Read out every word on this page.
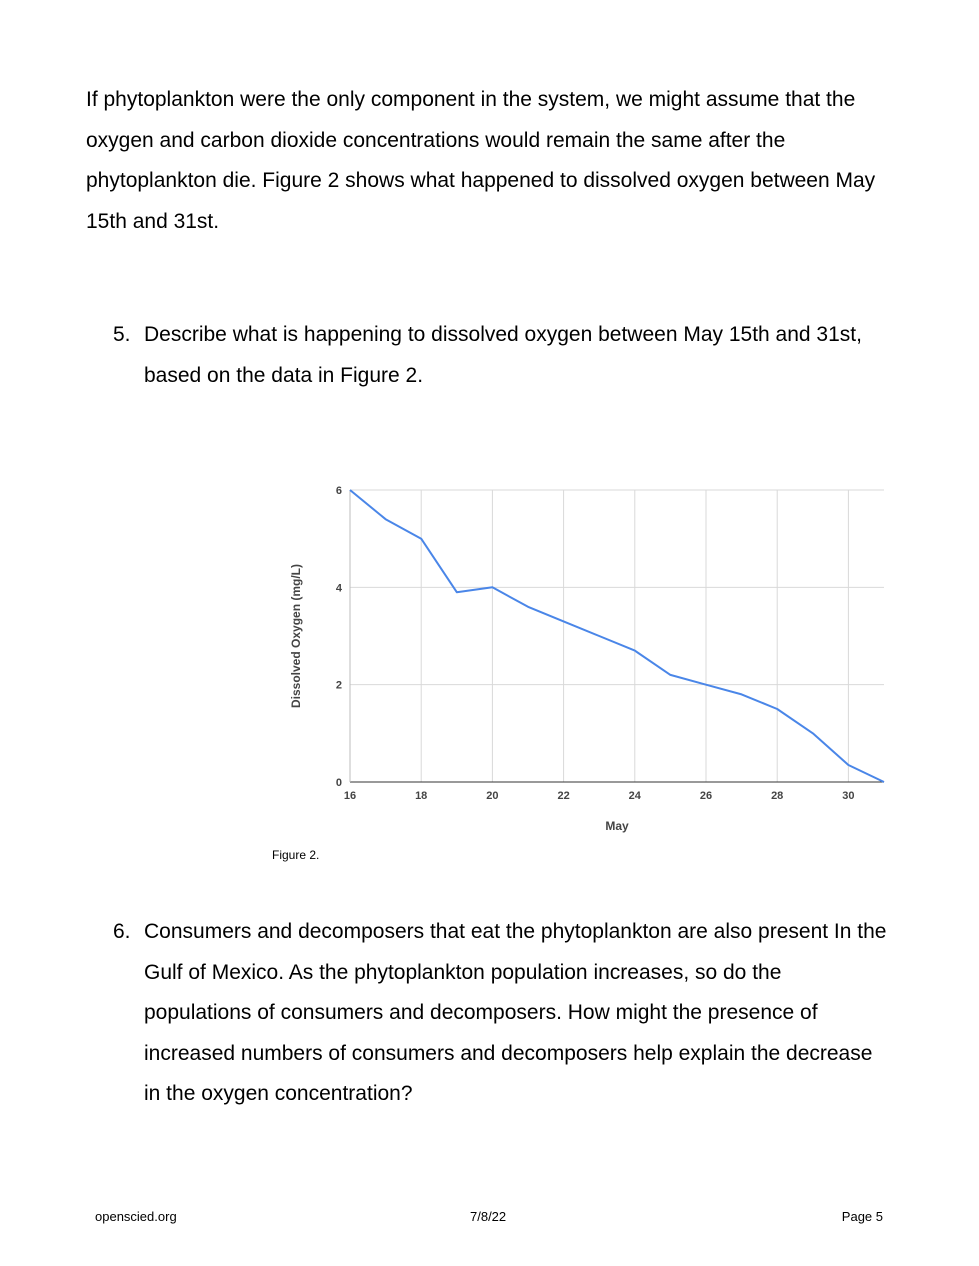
If phytoplankton were the only component in the system, we might assume that the oxygen and carbon dioxide concentrations would remain the same after the phytoplankton die. Figure 2 shows what happened to dissolved oxygen between May 15th and 31st.

5. Describe what is happening to dissolved oxygen between May 15th and 31st, based on the data in Figure 2.
16	18	20	22	24	26	28	30
0
2
4
6
May
Dissolved Oxygen (mg/L)

Figure 2.

6. Consumers and decomposers that eat the phytoplankton are also present In the Gulf of Mexico. As the phytoplankton population increases, so do the populations of consumers and decomposers. How might the presence of increased numbers of consumers and decomposers help explain the decrease in the oxygen concentration?

openscied.org	7/8/22	Page 5
